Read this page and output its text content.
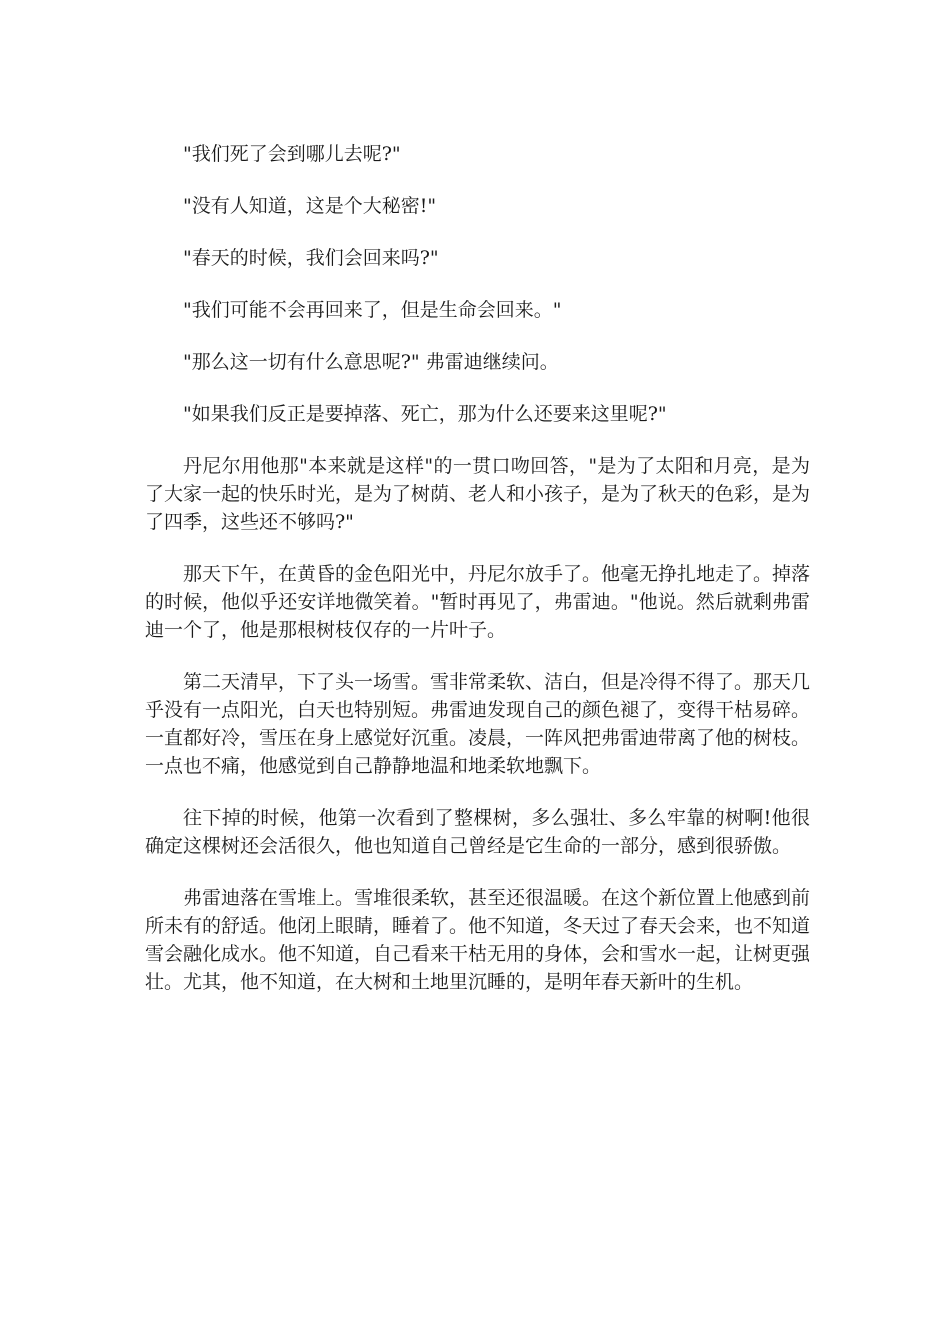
"我们死了会到哪儿去呢?"

"没有人知道，这是个大秘密!"

"春天的时候，我们会回来吗?"

"我们可能不会再回来了，但是生命会回来。"

"那么这一切有什么意思呢?" 弗雷迪继续问。

"如果我们反正是要掉落、死亡，那为什么还要来这里呢?"

丹尼尔用他那"本来就是这样"的一贯口吻回答，"是为了太阳和月亮，是为了大家一起的快乐时光，是为了树荫、老人和小孩子，是为了秋天的色彩，是为了四季，这些还不够吗?"

那天下午，在黄昏的金色阳光中，丹尼尔放手了。他毫无挣扎地走了。掉落的时候，他似乎还安详地微笑着。"暂时再见了，弗雷迪。"他说。然后就剩弗雷迪一个了，他是那根树枝仅存的一片叶子。

第二天清早，下了头一场雪。雪非常柔软、洁白，但是冷得不得了。那天几乎没有一点阳光，白天也特别短。弗雷迪发现自己的颜色褪了，变得干枯易碎。一直都好冷，雪压在身上感觉好沉重。凌晨，一阵风把弗雷迪带离了他的树枝。一点也不痛，他感觉到自己静静地温和地柔软地飘下。

往下掉的时候，他第一次看到了整棵树，多么强壮、多么牢靠的树啊!他很确定这棵树还会活很久，他也知道自己曾经是它生命的一部分，感到很骄傲。

弗雷迪落在雪堆上。雪堆很柔软，甚至还很温暖。在这个新位置上他感到前所未有的舒适。他闭上眼睛，睡着了。他不知道，冬天过了春天会来，也不知道雪会融化成水。他不知道，自己看来干枯无用的身体，会和雪水一起，让树更强壮。尤其，他不知道，在大树和土地里沉睡的，是明年春天新叶的生机。
